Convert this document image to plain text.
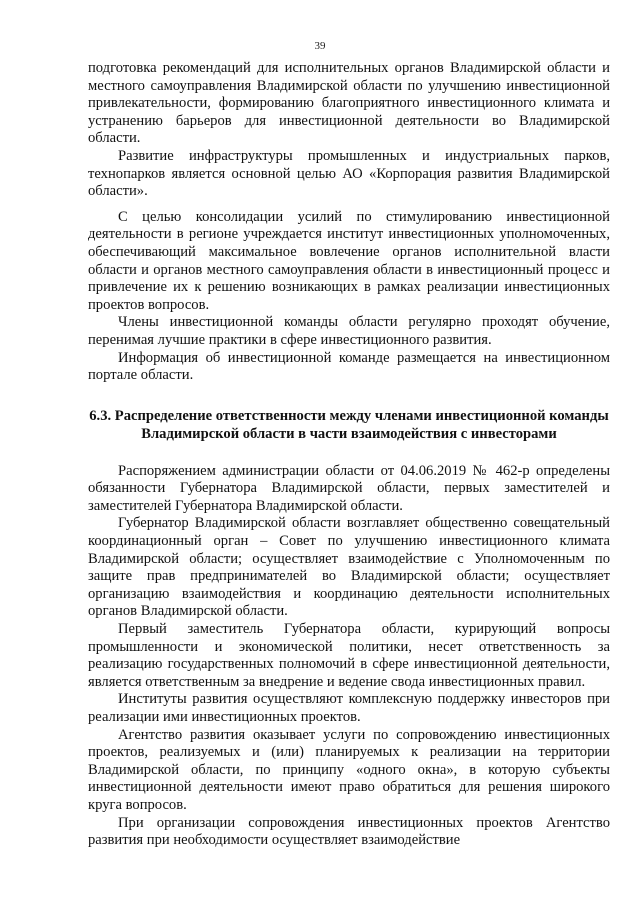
39

подготовка рекомендаций для исполнительных органов Владимирской области и местного самоуправления Владимирской области по улучшению инвестиционной привлекательности, формированию благоприятного инвестиционного климата и устранению барьеров для инвестиционной деятельности во Владимирской области.

Развитие инфраструктуры промышленных и индустриальных парков, технопарков является основной целью АО «Корпорация развития Владимирской области».

С целью консолидации усилий по стимулированию инвестиционной деятельности в регионе учреждается институт инвестиционных уполномоченных, обеспечивающий максимальное вовлечение органов исполнительной власти области и органов местного самоуправления области в инвестиционный процесс и привлечение их к решению возникающих в рамках реализации инвестиционных проектов вопросов.

Члены инвестиционной команды области регулярно проходят обучение, перенимая лучшие практики в сфере инвестиционного развития.

Информация об инвестиционной команде размещается на инвестиционном портале области.

6.3. Распределение ответственности между членами инвестиционной команды Владимирской области в части взаимодействия с инвесторами

Распоряжением администрации области от 04.06.2019 № 462-р определены обязанности Губернатора Владимирской области, первых заместителей и заместителей Губернатора Владимирской области.

Губернатор Владимирской области возглавляет общественно совещательный координационный орган – Совет по улучшению инвестиционного климата Владимирской области; осуществляет взаимодействие с Уполномоченным по защите прав предпринимателей во Владимирской области; осуществляет организацию взаимодействия и координацию деятельности исполнительных органов Владимирской области.

Первый заместитель Губернатора области, курирующий вопросы промышленности и экономической политики, несет ответственность за реализацию государственных полномочий в сфере инвестиционной деятельности, является ответственным за внедрение и ведение свода инвестиционных правил.

Институты развития осуществляют комплексную поддержку инвесторов при реализации ими инвестиционных проектов.

Агентство развития оказывает услуги по сопровождению инвестиционных проектов, реализуемых и (или) планируемых к реализации на территории Владимирской области, по принципу «одного окна», в которую субъекты инвестиционной деятельности имеют право обратиться для решения широкого круга вопросов.

При организации сопровождения инвестиционных проектов Агентство развития при необходимости осуществляет взаимодействие
